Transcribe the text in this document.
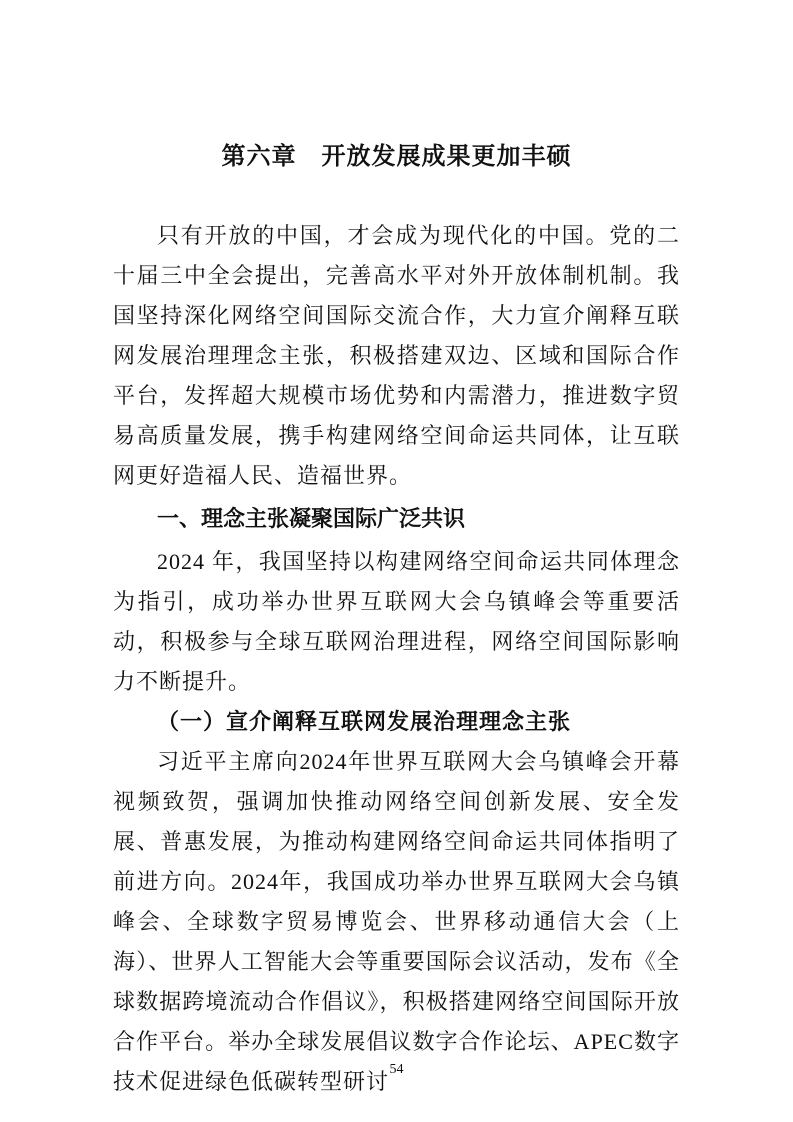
第六章　开放发展成果更加丰硕

只有开放的中国，才会成为现代化的中国。党的二十届三中全会提出，完善高水平对外开放体制机制。我国坚持深化网络空间国际交流合作，大力宣介阐释互联网发展治理理念主张，积极搭建双边、区域和国际合作平台，发挥超大规模市场优势和内需潜力，推进数字贸易高质量发展，携手构建网络空间命运共同体，让互联网更好造福人民、造福世界。

一、理念主张凝聚国际广泛共识

2024 年，我国坚持以构建网络空间命运共同体理念为指引，成功举办世界互联网大会乌镇峰会等重要活动，积极参与全球互联网治理进程，网络空间国际影响力不断提升。

（一）宣介阐释互联网发展治理理念主张

习近平主席向2024年世界互联网大会乌镇峰会开幕视频致贺，强调加快推动网络空间创新发展、安全发展、普惠发展，为推动构建网络空间命运共同体指明了前进方向。2024年，我国成功举办世界互联网大会乌镇峰会、全球数字贸易博览会、世界移动通信大会（上海）、世界人工智能大会等重要国际会议活动，发布《全球数据跨境流动合作倡议》，积极搭建网络空间国际开放合作平台。举办全球发展倡议数字合作论坛、APEC数字技术促进绿色低碳转型研讨 54
